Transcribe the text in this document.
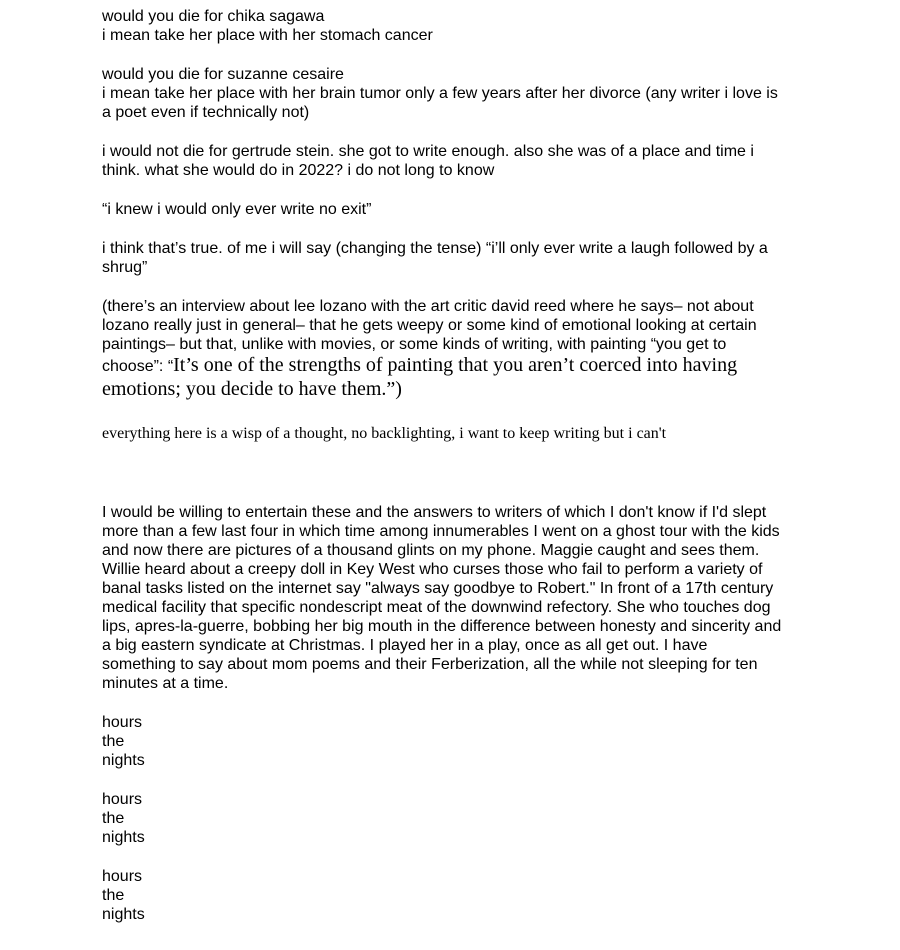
would you die for chika sagawa
i mean take her place with her stomach cancer
would you die for suzanne cesaire
i mean take her place with her brain tumor only a few years after her divorce (any writer i love is
a poet even if technically not)
i would not die for gertrude stein. she got to write enough. also she was of a place and time i
think. what she would do in 2022? i do not long to know
“i knew i would only ever write no exit”
i think that’s true. of me i will say (changing the tense) “i’ll only ever write a laugh followed by a
shrug”
(there’s an interview about lee lozano with the art critic david reed where he says– not about
lozano really just in general– that he gets weepy or some kind of emotional looking at certain
paintings– but that, unlike with movies, or some kinds of writing, with painting “you get to
choose”: “It’s one of the strengths of painting that you aren’t coerced into having
emotions; you decide to have them.”)
everything here is a wisp of a thought, no backlighting, i want to keep writing but i can't
I would be willing to entertain these and the answers to writers of which I don't know if I'd slept
more than a few last four in which time among innumerables I went on a ghost tour with the kids
and now there are pictures of a thousand glints on my phone. Maggie caught and sees them.
Willie heard about a creepy doll in Key West who curses those who fail to perform a variety of
banal tasks listed on the internet say "always say goodbye to Robert." In front of a 17th century
medical facility that specific nondescript meat of the downwind refectory. She who touches dog
lips, apres-la-guerre, bobbing her big mouth in the difference between honesty and sincerity and
a big eastern syndicate at Christmas. I played her in a play, once as all get out. I have
something to say about mom poems and their Ferberization, all the while not sleeping for ten
minutes at a time.
hours
the
nights
hours
the
nights
hours
the
nights
